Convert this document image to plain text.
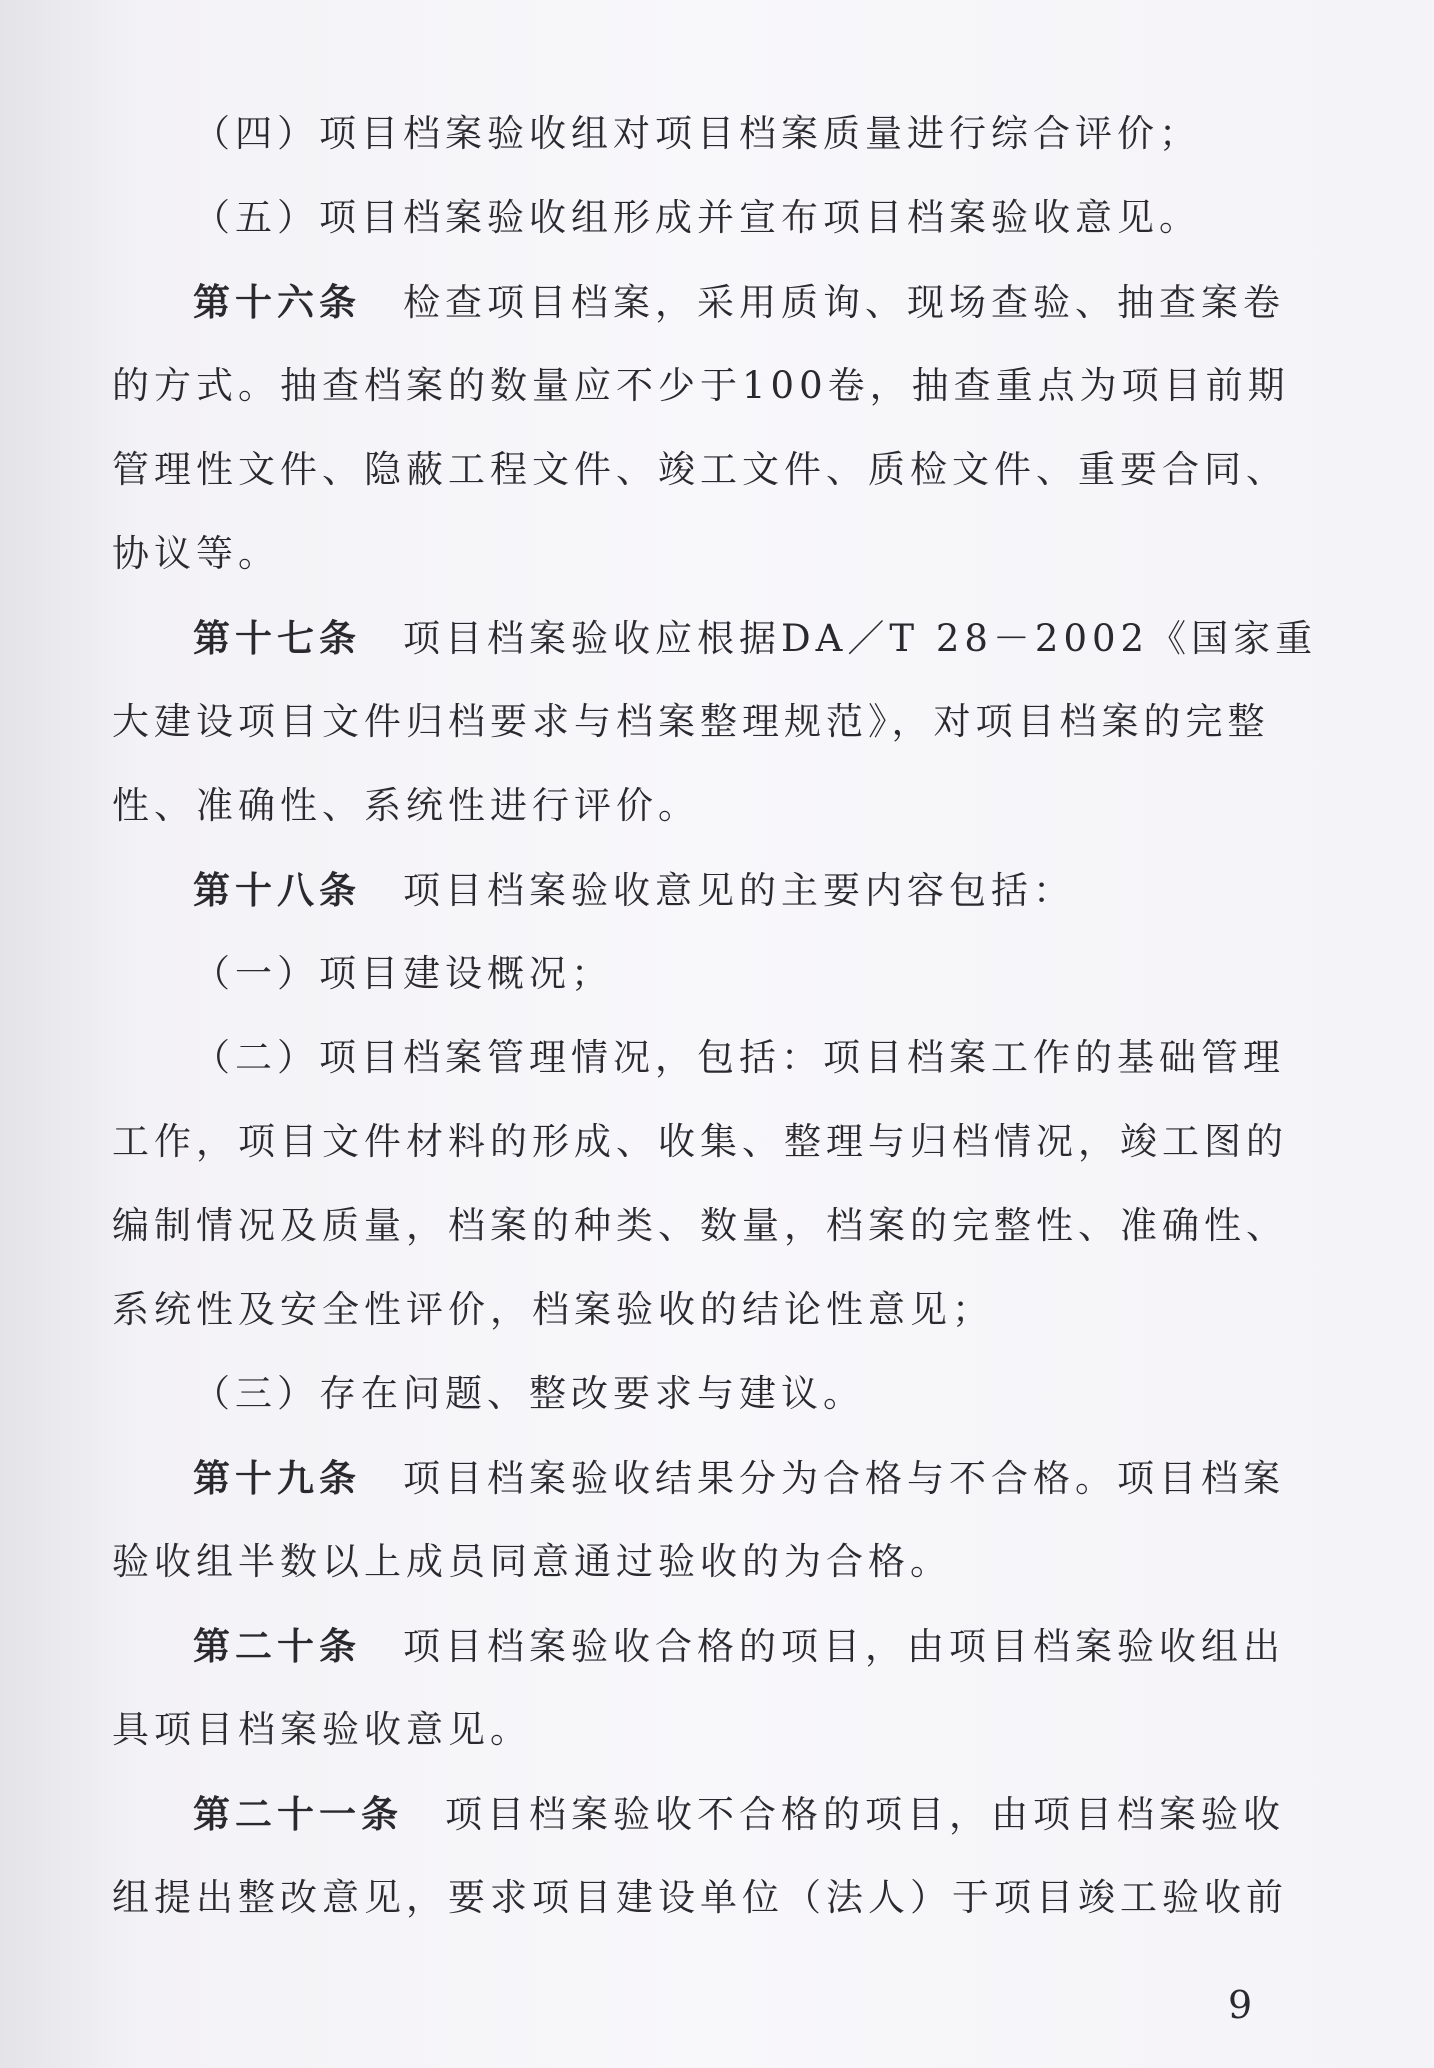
（四）项目档案验收组对项目档案质量进行综合评价；
（五）项目档案验收组形成并宣布项目档案验收意见。
第十六条 检查项目档案，采用质询、现场查验、抽查案卷
的方式。抽查档案的数量应不少于100卷，抽查重点为项目前期
管理性文件、隐蔽工程文件、竣工文件、质检文件、重要合同、
协议等。
第十七条 项目档案验收应根据DA／T 28－2002《国家重
大建设项目文件归档要求与档案整理规范》，对项目档案的完整
性、准确性、系统性进行评价。
第十八条 项目档案验收意见的主要内容包括：
（一）项目建设概况；
（二）项目档案管理情况，包括：项目档案工作的基础管理
工作，项目文件材料的形成、收集、整理与归档情况，竣工图的
编制情况及质量，档案的种类、数量，档案的完整性、准确性、
系统性及安全性评价，档案验收的结论性意见；
（三）存在问题、整改要求与建议。
第十九条 项目档案验收结果分为合格与不合格。项目档案
验收组半数以上成员同意通过验收的为合格。
第二十条 项目档案验收合格的项目，由项目档案验收组出
具项目档案验收意见。
第二十一条 项目档案验收不合格的项目，由项目档案验收
组提出整改意见，要求项目建设单位（法人）于项目竣工验收前
9
